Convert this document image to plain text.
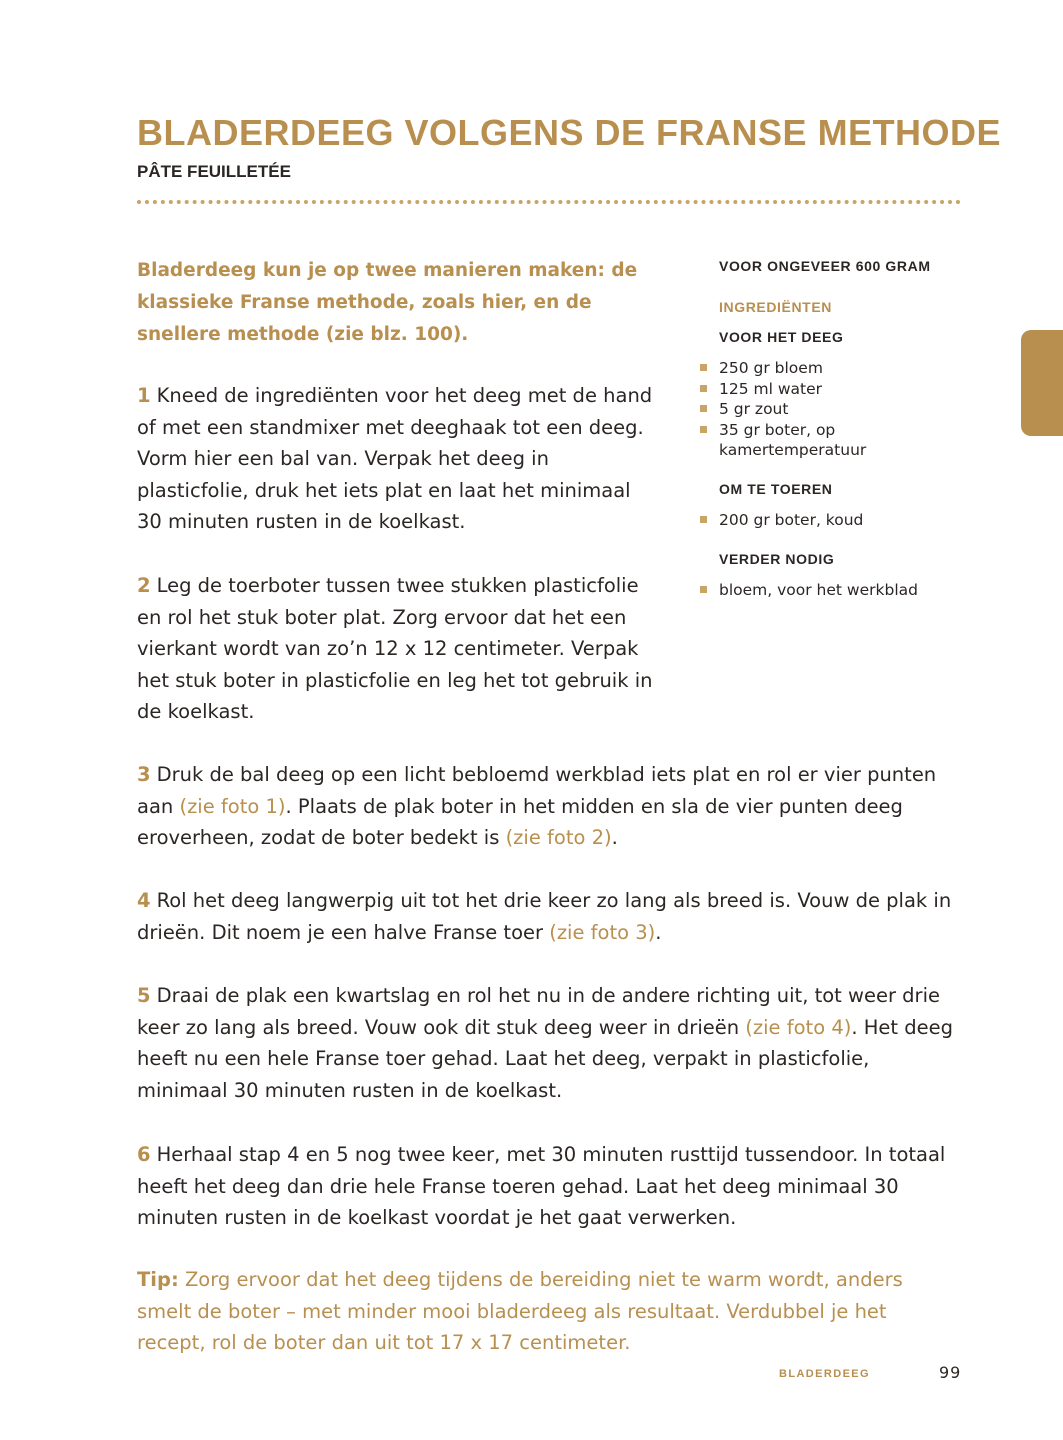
BLADERDEEG VOLGENS DE FRANSE METHODE
PÂTE FEUILLETÉE

Bladerdeeg kun je op twee manieren maken: de klassieke Franse methode, zoals hier, en de snellere methode (zie blz. 100).

1 Kneed de ingrediënten voor het deeg met de hand of met een standmixer met deeghaak tot een deeg. Vorm hier een bal van. Verpak het deeg in plasticfolie, druk het iets plat en laat het minimaal 30 minuten rusten in de koelkast.

2 Leg de toerboter tussen twee stukken plasticfolie en rol het stuk boter plat. Zorg ervoor dat het een vierkant wordt van zo’n 12 x 12 centimeter. Verpak het stuk boter in plasticfolie en leg het tot gebruik in de koelkast.

3 Druk de bal deeg op een licht bebloemd werkblad iets plat en rol er vier punten aan (zie foto 1). Plaats de plak boter in het midden en sla de vier punten deeg eroverheen, zodat de boter bedekt is (zie foto 2).

4 Rol het deeg langwerpig uit tot het drie keer zo lang als breed is. Vouw de plak in drieën. Dit noem je een halve Franse toer (zie foto 3).

5 Draai de plak een kwartslag en rol het nu in de andere richting uit, tot weer drie keer zo lang als breed. Vouw ook dit stuk deeg weer in drieën (zie foto 4). Het deeg heeft nu een hele Franse toer gehad. Laat het deeg, verpakt in plasticfolie, minimaal 30 minuten rusten in de koelkast.

6 Herhaal stap 4 en 5 nog twee keer, met 30 minuten rusttijd tussendoor. In totaal heeft het deeg dan drie hele Franse toeren gehad. Laat het deeg minimaal 30 minuten rusten in de koelkast voordat je het gaat verwerken.

Tip: Zorg ervoor dat het deeg tijdens de bereiding niet te warm wordt, anders smelt de boter – met minder mooi bladerdeeg als resultaat. Verdubbel je het recept, rol de boter dan uit tot 17 x 17 centimeter.

VOOR ONGEVEER 600 GRAM
INGREDIËNTEN
VOOR HET DEEG
250 gr bloem
125 ml water
5 gr zout
35 gr boter, op kamertemperatuur
OM TE TOEREN
200 gr boter, koud
VERDER NODIG
bloem, voor het werkblad
BLADERDEEG	99
